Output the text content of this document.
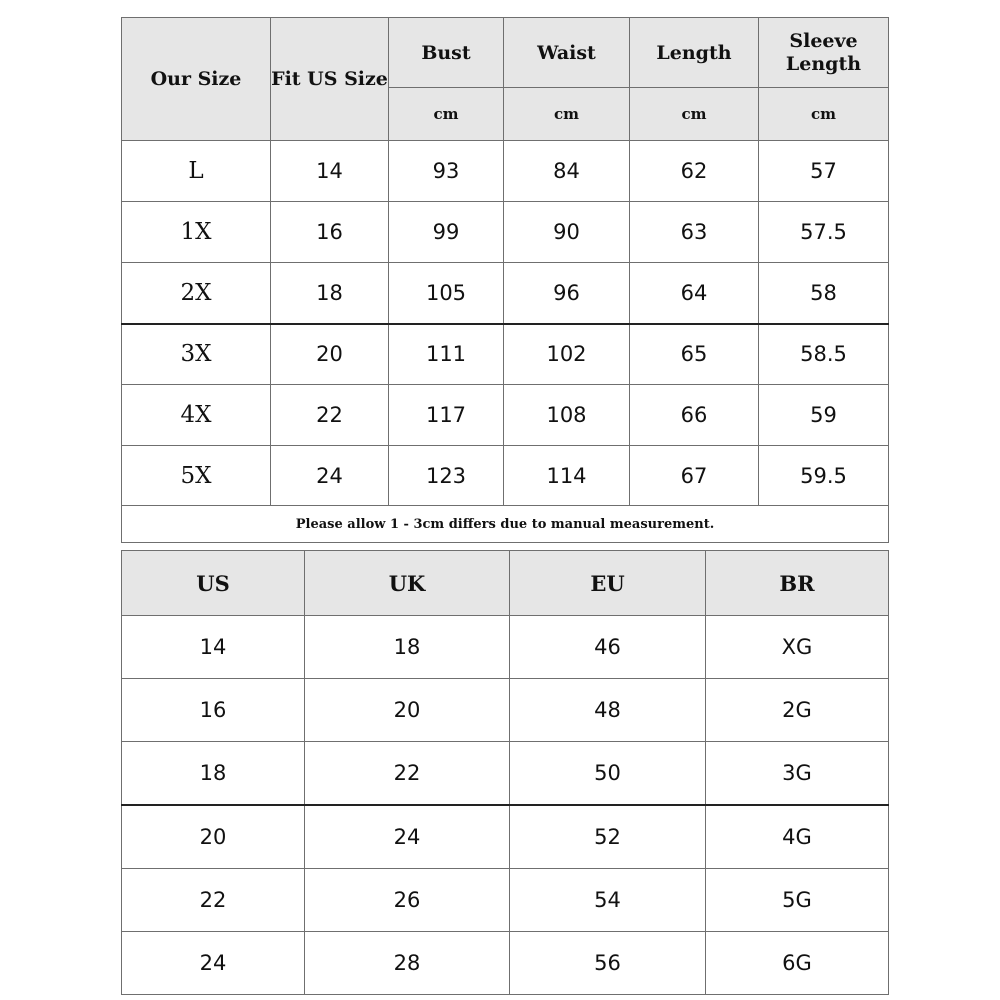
Our Size	Fit US Size	Bust	Waist	Length	Sleeve Length
		cm	cm	cm	cm
L	14	93	84	62	57
1X	16	99	90	63	57.5
2X	18	105	96	64	58
3X	20	111	102	65	58.5
4X	22	117	108	66	59
5X	24	123	114	67	59.5
Please allow 1 - 3cm differs due to manual measurement.					
US	UK	EU	BR
14	18	46	XG
16	20	48	2G
18	22	50	3G
20	24	52	4G
22	26	54	5G
24	28	56	6G
